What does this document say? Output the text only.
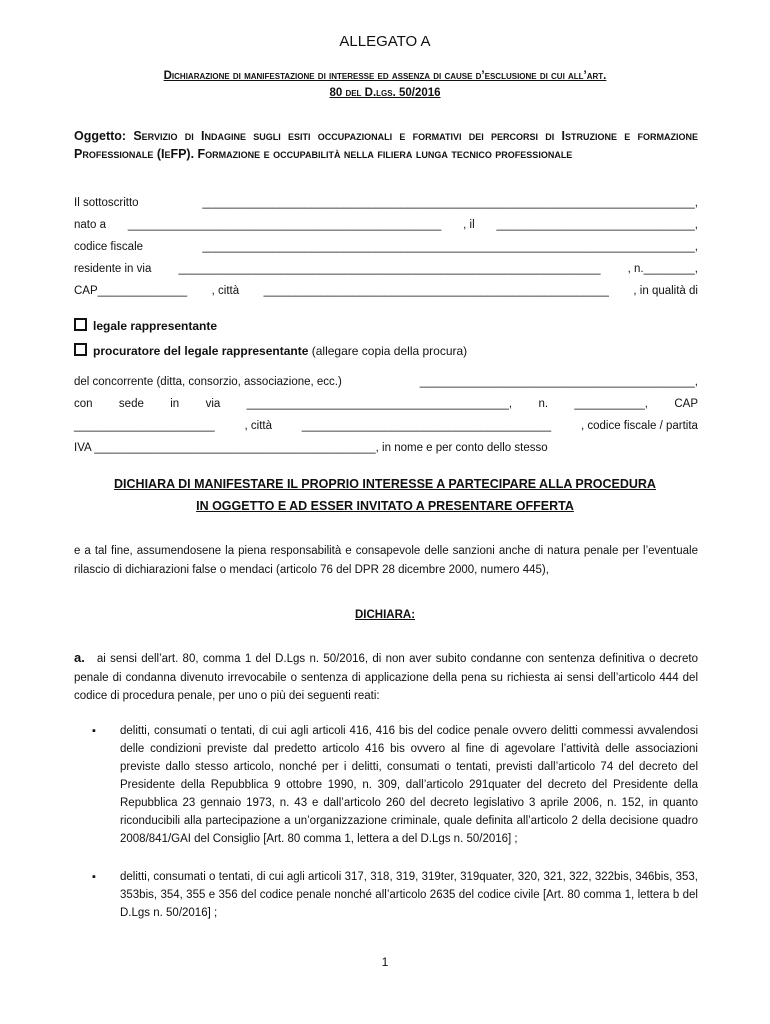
ALLEGATO A
Dichiarazione di manifestazione di interesse ed assenza di cause d’esclusione di cui all’art.
80 del D.lgs. 50/2016
Oggetto: Servizio di Indagine sugli esiti occupazionali e formativi dei percorsi di Istruzione e formazione Professionale (IeFP). Formazione e occupabilità nella filiera lunga tecnico professionale
Il sottoscritto	_____________________________________________________________________________,
nato a _________________________________________________ , il _______________________________,
codice fiscale	_____________________________________________________________________________,
residente in via __________________________________________________________________ , n.________,
CAP______________ , città ______________________________________________________ , in qualità di
legale rappresentante
procuratore del legale rappresentante (allegare copia della procura)
del concorrente (ditta, consorzio, associazione, ecc.)	___________________________________________,
con sede in via _________________________________________, n. ___________, CAP
______________________	, città	_______________________________________	, codice fiscale / partita
IVA ____________________________________________, in nome e per conto dello stesso
DICHIARA DI MANIFESTARE IL PROPRIO INTERESSE A PARTECIPARE ALLA PROCEDURA
IN OGGETTO E AD ESSER INVITATO A PRESENTARE OFFERTA
e a tal fine, assumendosene la piena responsabilità e consapevole delle sanzioni anche di natura penale per l’eventuale rilascio di dichiarazioni false o mendaci (articolo 76 del DPR 28 dicembre 2000, numero 445),
DICHIARA:
a. ai sensi dell’art. 80, comma 1 del D.Lgs n. 50/2016, di non aver subito condanne con sentenza definitiva o decreto penale di condanna divenuto irrevocabile o sentenza di applicazione della pena su richiesta ai sensi dell’articolo 444 del codice di procedura penale, per uno o più dei seguenti reati:
▪ delitti, consumati o tentati, di cui agli articoli 416, 416 bis del codice penale ovvero delitti commessi avvalendosi delle condizioni previste dal predetto articolo 416 bis ovvero al fine di agevolare l’attività delle associazioni previste dallo stesso articolo, nonché per i delitti, consumati o tentati, previsti dall’articolo 74 del decreto del Presidente della Repubblica 9 ottobre 1990, n. 309, dall’articolo 291quater del decreto del Presidente della Repubblica 23 gennaio 1973, n. 43 e dall’articolo 260 del decreto legislativo 3 aprile 2006, n. 152, in quanto riconducibili alla partecipazione a un’organizzazione criminale, quale definita all’articolo 2 della decisione quadro 2008/841/GAI del Consiglio [Art. 80 comma 1, lettera a del D.Lgs n. 50/2016] ;
▪ delitti, consumati o tentati, di cui agli articoli 317, 318, 319, 319ter, 319quater, 320, 321, 322, 322bis, 346bis, 353, 353bis, 354, 355 e 356 del codice penale nonché all’articolo 2635 del codice civile [Art. 80 comma 1, lettera b del D.Lgs n. 50/2016] ;
1
